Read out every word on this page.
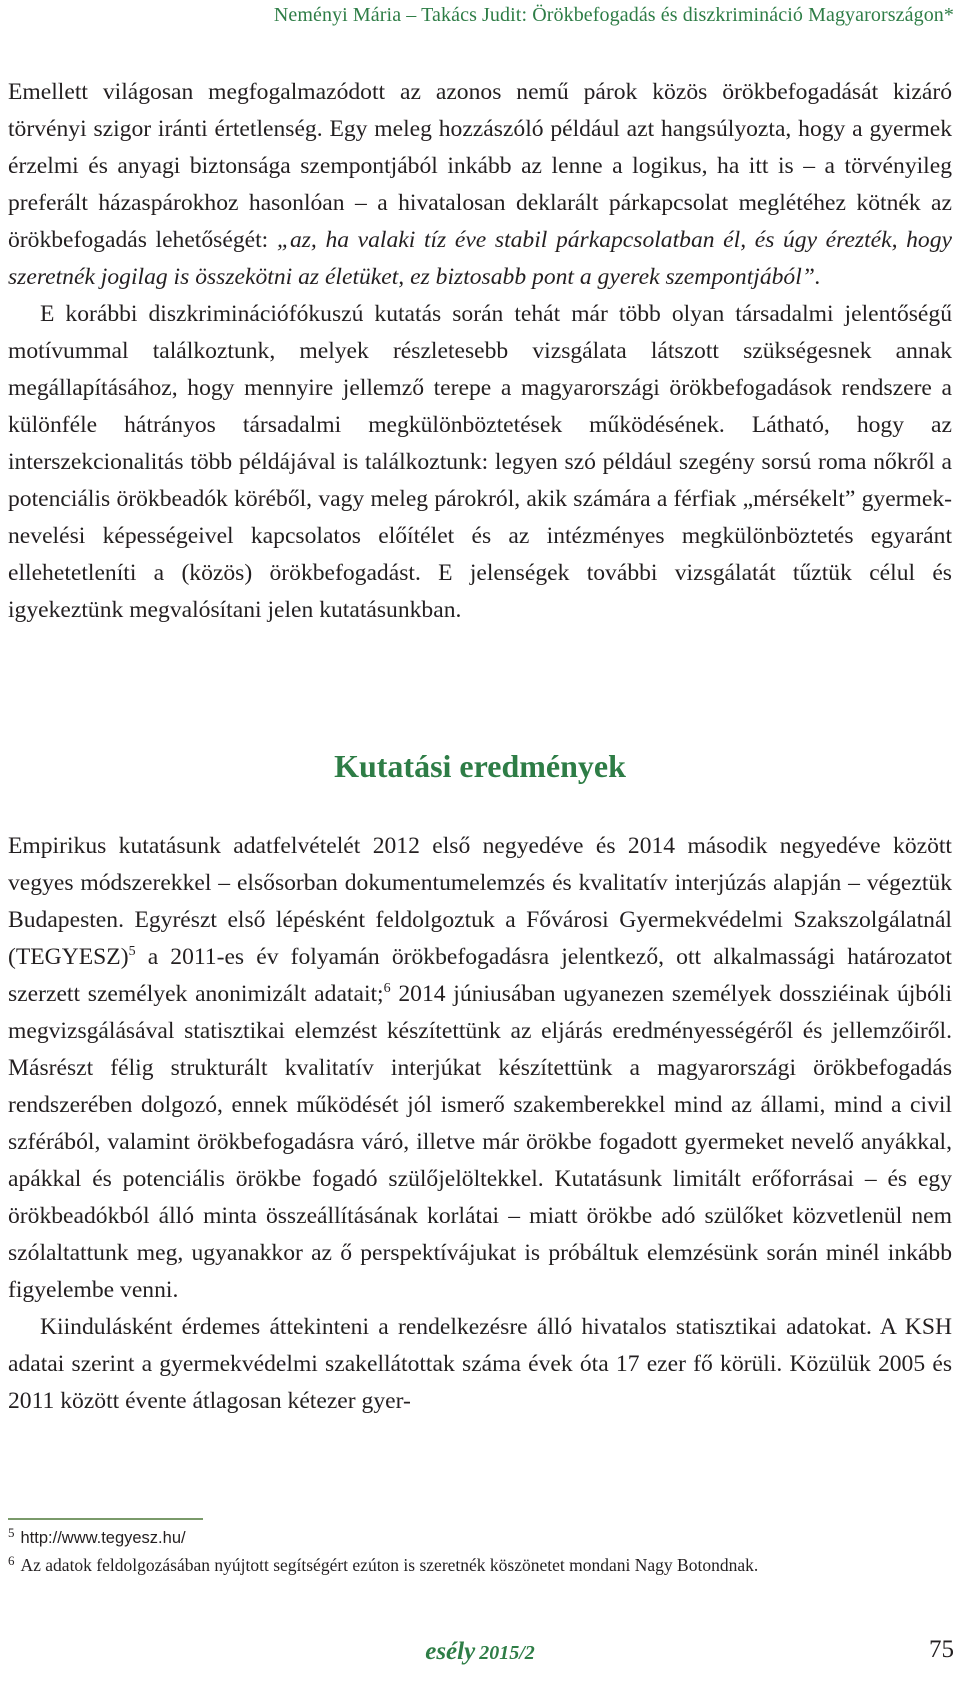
Neményi Mária – Takács Judit: Örökbefogadás és diszkrimináció Magyarországon*

Emellett világosan megfogalmazódott az azonos nemű párok közös örökbefogadását kizáró törvényi szigor iránti értetlenség. Egy meleg hozzászóló például azt hangsúlyozta, hogy a gyermek érzelmi és anyagi biztonsága szempontjából inkább az lenne a logikus, ha itt is – a törvényileg preferált házaspárokhoz hasonlóan – a hivatalosan deklarált párkapcsolat meglétéhez kötnék az örökbefogadás lehetőségét: „az, ha valaki tíz éve stabil párkapcsolatban él, és úgy érezték, hogy szeretnék jogilag is összekötni az életüket, ez biztosabb pont a gyerek szempontjából”.

E korábbi diszkriminációfókuszú kutatás során tehát már több olyan társadalmi jelentőségű motívummal találkoztunk, melyek részletesebb vizsgálata látszott szükségesnek annak megállapításához, hogy mennyire jellemző terepe a magyarországi örökbefogadások rendszere a különféle hátrányos társadalmi megkülönböztetések működésének. Látható, hogy az interszekcionalitás több példájával is találkoztunk: legyen szó például szegény sorsú roma nőkről a potenciális örökbeadók köréből, vagy meleg párokról, akik számára a férfiak „mérsékelt” gyermeknevelési képességeivel kapcsolatos előítélet és az intézményes megkülönböztetés egyaránt ellehetetleníti a (közös) örökbefogadást. E jelenségek további vizsgálatát tűztük célul és igyekeztünk megvalósítani jelen kutatásunkban.

Kutatási eredmények

Empirikus kutatásunk adatfelvételét 2012 első negyedéve és 2014 második negyedéve között vegyes módszerekkel – elsősorban dokumentumelemzés és kvalitatív interjúzás alapján – végeztük Budapesten. Egyrészt első lépésként feldolgoztuk a Fővárosi Gyermekvédelmi Szakszolgálatnál (TEGYESZ)$^5$ a 2011-es év folyamán örökbefogadásra jelentkező, ott alkalmassági határozatot szerzett személyek anonimizált adatait;$^6$ 2014 júniusában ugyanezen személyek dossziéinak újbóli megvizsgálásával statisztikai elemzést készítettünk az eljárás eredményességéről és jellemzőiről. Másrészt félig strukturált kvalitatív interjúkat készítettünk a magyarországi örökbefogadás rendszerében dolgozó, ennek működését jól ismerő szakemberekkel mind az állami, mind a civil szférából, valamint örökbefogadásra váró, illetve már örökbe fogadott gyermeket nevelő anyákkal, apákkal és potenciális örökbe fogadó szülőjelöltekkel. Kutatásunk limitált erőforrásai – és egy örökbeadókból álló minta összeállításának korlátai – miatt örökbe adó szülőket közvetlenül nem szólaltattunk meg, ugyanakkor az ő perspektívájukat is próbáltuk elemzésünk során minél inkább figyelembe venni.

Kiindulásként érdemes áttekinteni a rendelkezésre álló hivatalos statisztikai adatokat. A KSH adatai szerint a gyermekvédelmi szakellátottak száma évek óta 17 ezer fő körüli. Közülük 2005 és 2011 között évente átlagosan kétezer gyer-

$^5$ http://www.tegyesz.hu/

$^6$ Az adatok feldolgozásában nyújtott segítségért ezúton is szeretnék köszönetet mondani Nagy Botondnak.

esély 2015/2	75
